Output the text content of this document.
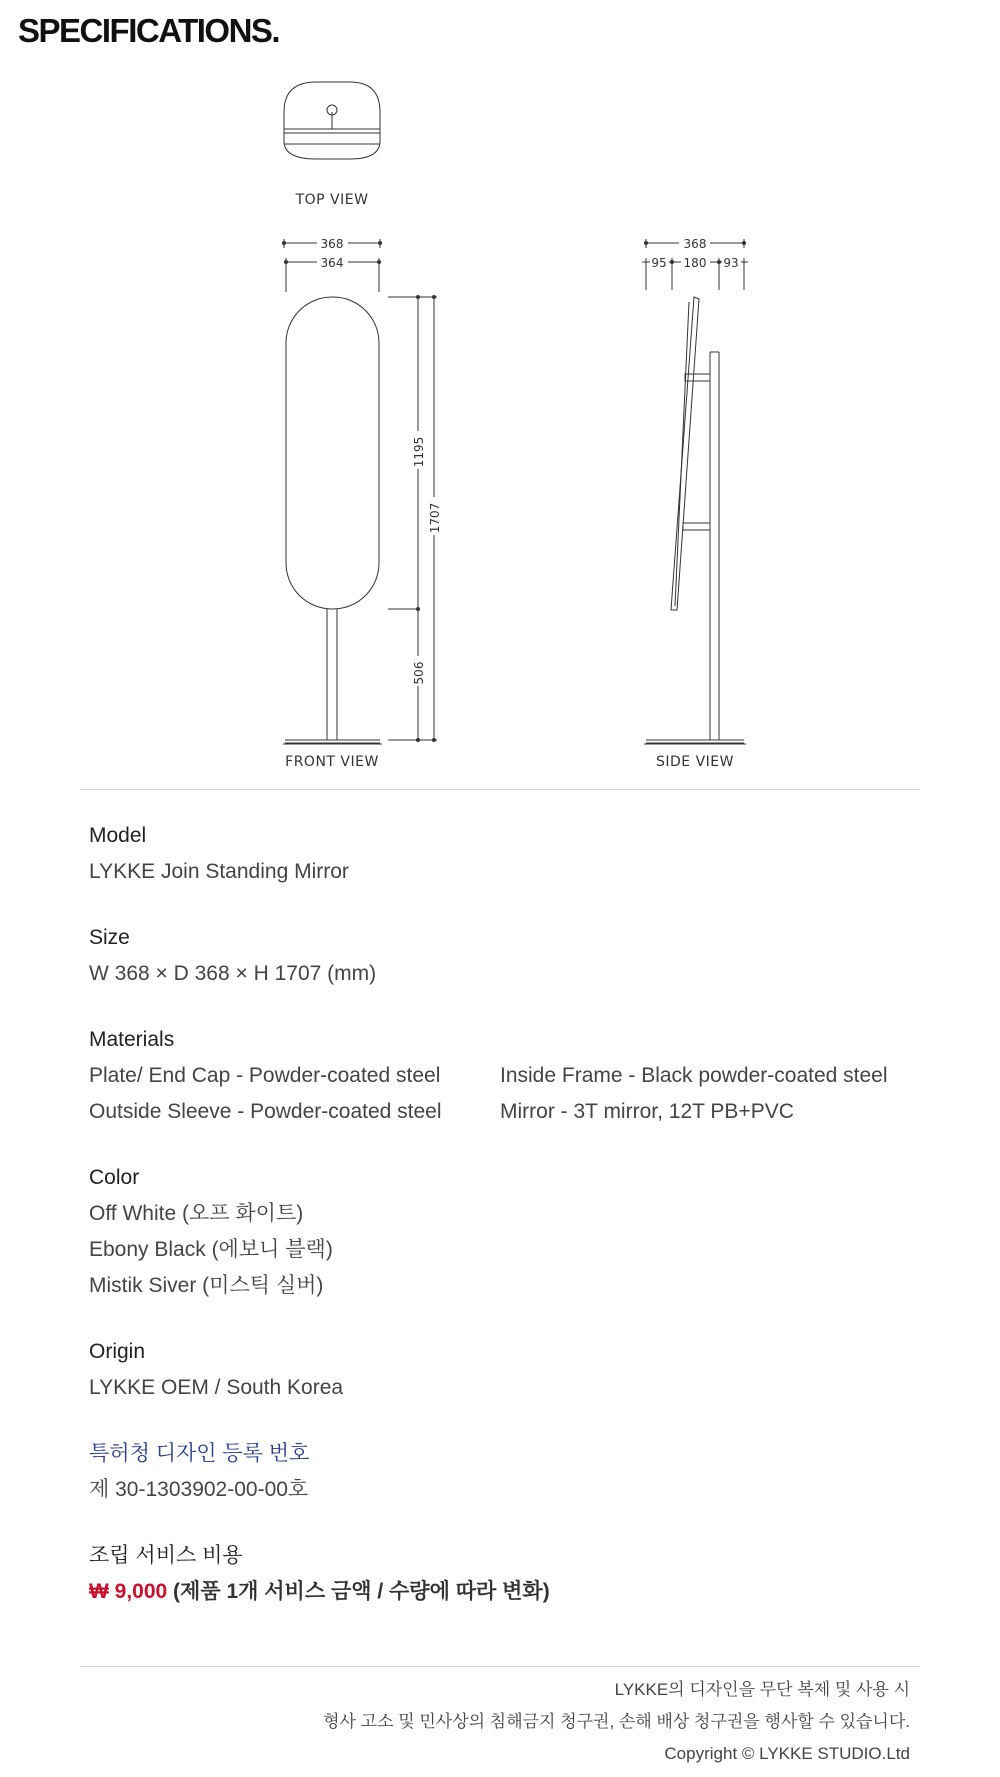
SPECIFICATIONS.
368
364
1195
1707
506
368
95 180 93
TOP VIEW
FRONT VIEW	SIDE VIEW
Model
LYKKE Join Standing Mirror
Size
W 368 × D 368 × H 1707 (mm)
Materials
Plate/ End Cap - Powder-coated steel	Inside Frame - Black powder-coated steel
Outside Sleeve - Powder-coated steel	Mirror - 3T mirror, 12T PB+PVC
Color
Off White (오프 화이트)
Ebony Black (에보니 블랙)
Mistik Siver (미스틱 실버)
Origin
LYKKE OEM / South Korea
특허청 디자인 등록 번호
제 30-1303902-00-00호
조립 서비스 비용
₩ 9,000 (제품 1개 서비스 금액 / 수량에 따라 변화)
LYKKE의 디자인을 무단 복제 및 사용 시
형사 고소 및 민사상의 침해금지 청구권, 손해 배상 청구권을 행사할 수 있습니다.
Copyright © LYKKE STUDIO.Ltd
